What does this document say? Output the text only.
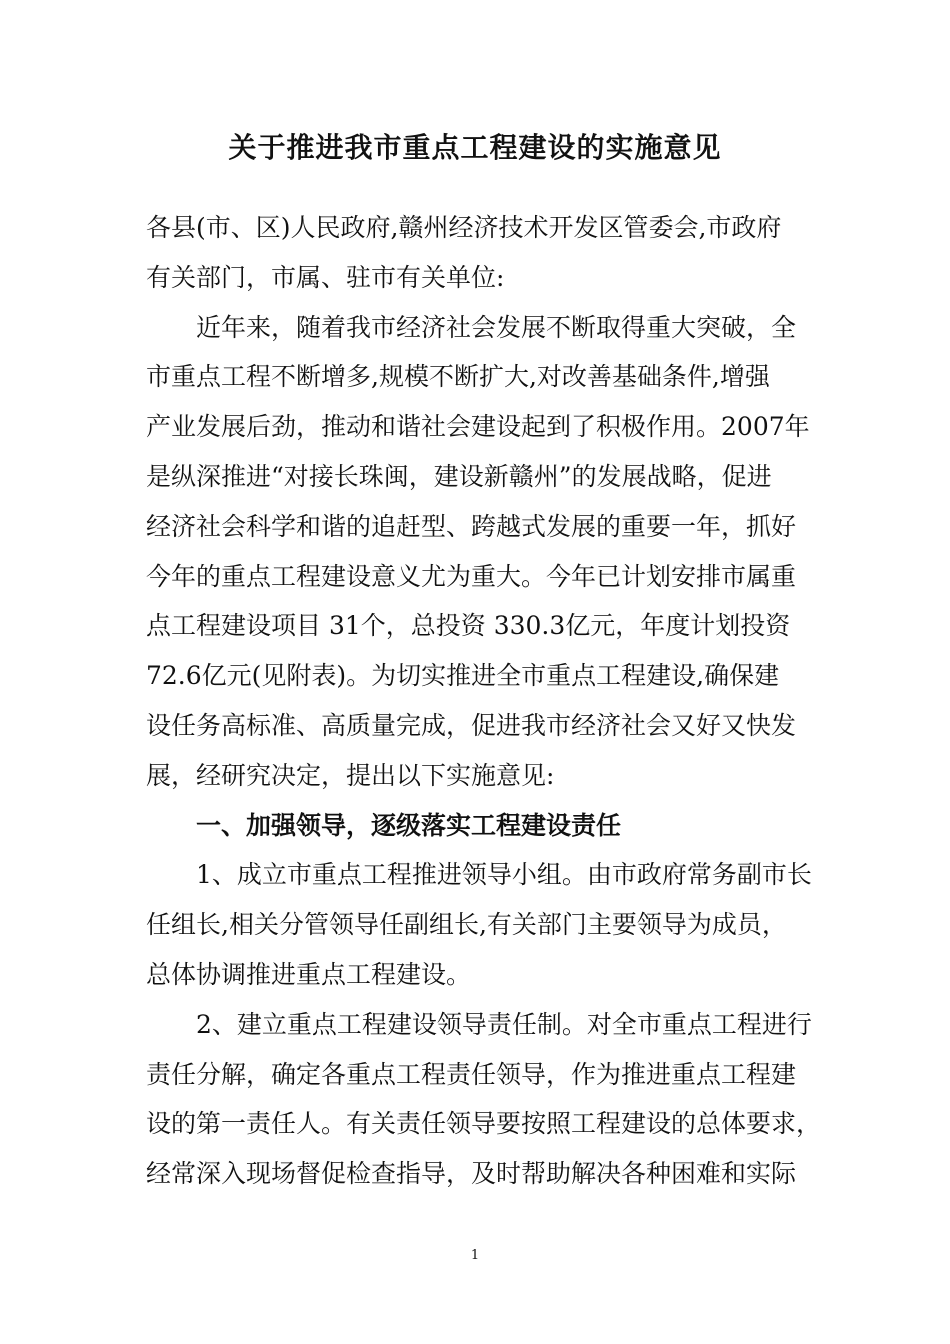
关于推进我市重点工程建设的实施意见
各县(市、区)人民政府,赣州经济技术开发区管委会,市政府
有关部门，市属、驻市有关单位:
　　近年来，随着我市经济社会发展不断取得重大突破，全
市重点工程不断增多,规模不断扩大,对改善基础条件,增强
产业发展后劲，推动和谐社会建设起到了积极作用。2007年
是纵深推进“对接长珠闽，建设新赣州”的发展战略，促进
经济社会科学和谐的追赶型、跨越式发展的重要一年，抓好
今年的重点工程建设意义尤为重大。今年已计划安排市属重
点工程建设项目 31个，总投资 330.3亿元，年度计划投资
72.6亿元(见附表)。为切实推进全市重点工程建设,确保建
设任务高标准、高质量完成，促进我市经济社会又好又快发
展，经研究决定，提出以下实施意见:
　　一、加强领导，逐级落实工程建设责任
　　1、成立市重点工程推进领导小组。由市政府常务副市长
任组长,相关分管领导任副组长,有关部门主要领导为成员，
总体协调推进重点工程建设。
　　2、建立重点工程建设领导责任制。对全市重点工程进行
责任分解，确定各重点工程责任领导，作为推进重点工程建
设的第一责任人。有关责任领导要按照工程建设的总体要求，
经常深入现场督促检查指导，及时帮助解决各种困难和实际
1
